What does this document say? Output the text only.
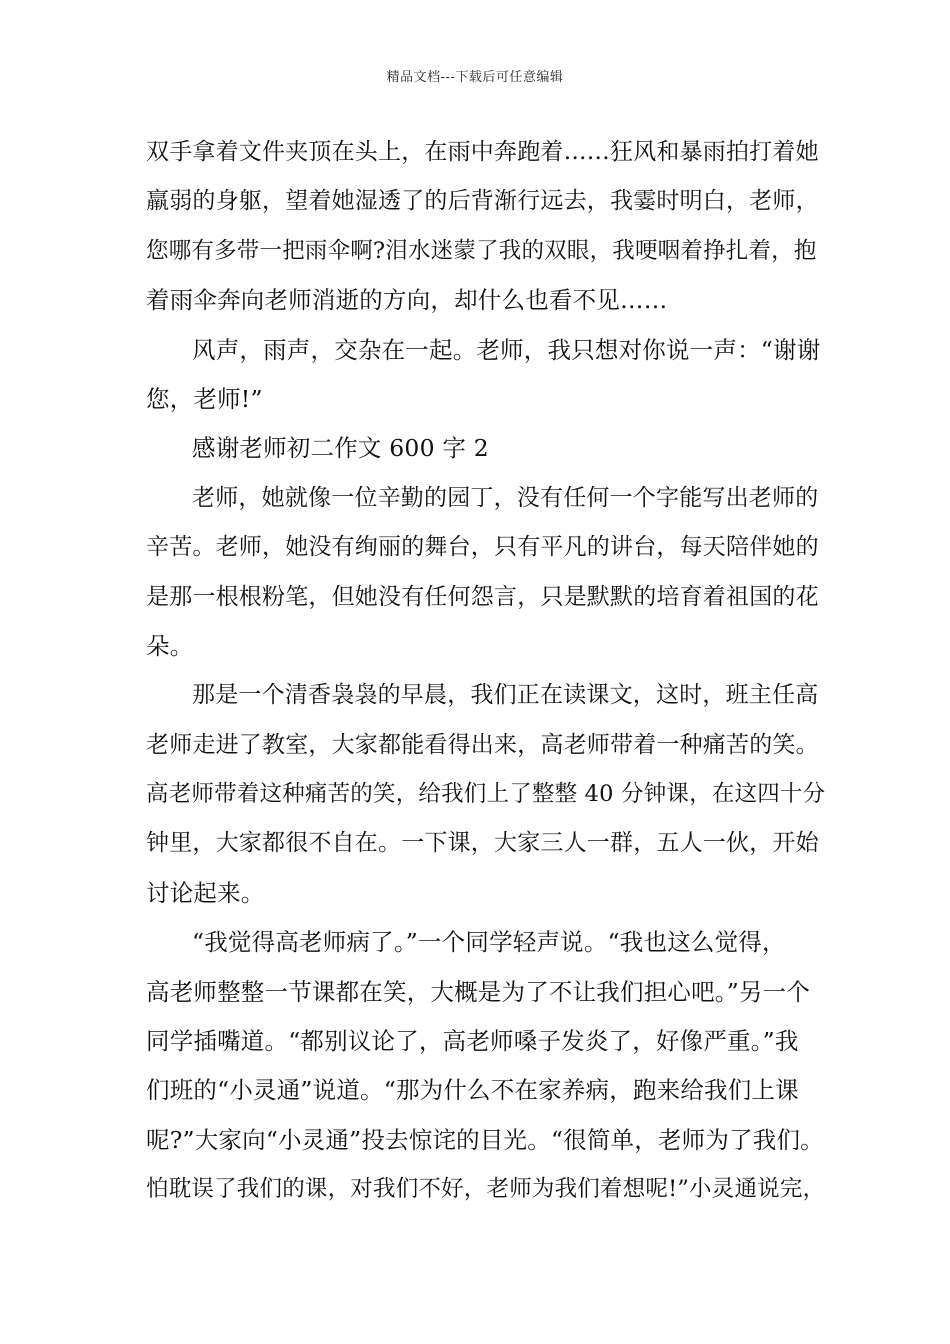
精品文档---下载后可任意编辑
双手拿着文件夹顶在头上，在雨中奔跑着……狂风和暴雨拍打着她
羸弱的身躯，望着她湿透了的后背渐行远去，我霎时明白，老师，
您哪有多带一把雨伞啊?泪水迷蒙了我的双眼，我哽咽着挣扎着，抱
着雨伞奔向老师消逝的方向，却什么也看不见……
风声，雨声，交杂在一起。老师，我只想对你说一声：“谢谢
您，老师!”
感谢老师初二作文 600 字 2
老师，她就像一位辛勤的园丁，没有任何一个字能写出老师的
辛苦。老师，她没有绚丽的舞台，只有平凡的讲台，每天陪伴她的
是那一根根粉笔，但她没有任何怨言，只是默默的培育着祖国的花
朵。
那是一个清香袅袅的早晨，我们正在读课文，这时，班主任高
老师走进了教室，大家都能看得出来，高老师带着一种痛苦的笑。
高老师带着这种痛苦的笑，给我们上了整整 40 分钟课，在这四十分
钟里，大家都很不自在。一下课，大家三人一群，五人一伙，开始
讨论起来。
“我觉得高老师病了。”一个同学轻声说。“我也这么觉得，
高老师整整一节课都在笑，大概是为了不让我们担心吧。”另一个
同学插嘴道。“都别议论了，高老师嗓子发炎了，好像严重。”我
们班的“小灵通”说道。“那为什么不在家养病，跑来给我们上课
呢?”大家向“小灵通”投去惊诧的目光。“很简单，老师为了我们。
怕耽误了我们的课，对我们不好，老师为我们着想呢!”小灵通说完，
